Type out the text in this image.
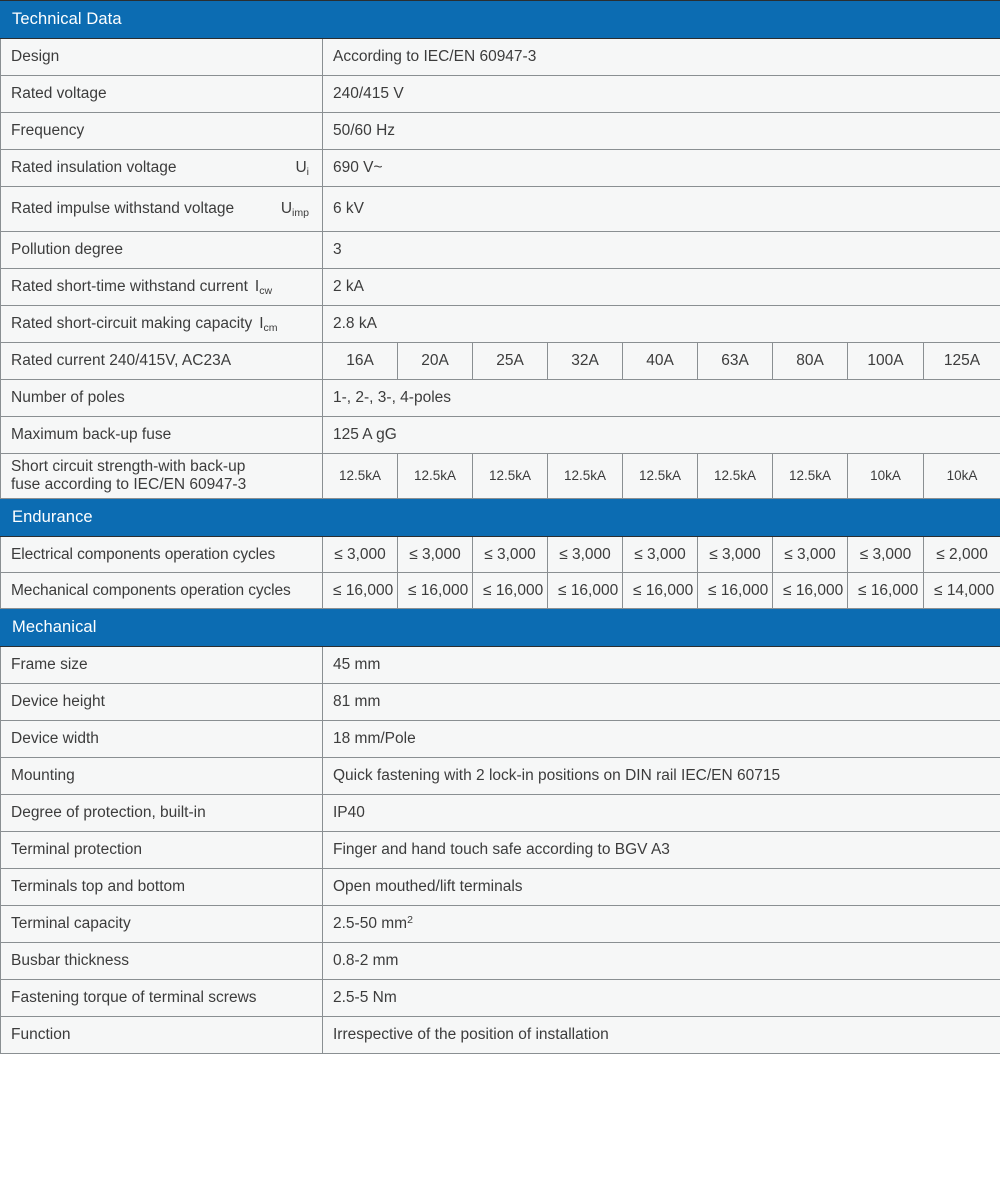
Technical Data									
Design	According to IEC/EN 60947-3								
Rated voltage	240/415 V								
Frequency	50/60 Hz								

Rated insulation voltage $U_i$	690 V~								

Rated impulse withstand voltage $U_{imp}$	6 kV								
Pollution degree	3								
Rated short-time withstand current $I_{cw}$	2 kA								
Rated short-circuit making capacity $I_{cm}$	2.8 kA								
Rated current 240/415V, AC23A	16A	20A	25A	32A	40A	63A	80A	100A	125A
Number of poles	1-, 2-, 3-, 4-poles								
Maximum back-up fuse	125 A gG								

Short circuit strength-with back-up
fuse according to IEC/EN 60947-3	12.5kA	12.5kA	12.5kA	12.5kA	12.5kA	12.5kA	12.5kA	10kA	10kA
Endurance									
Electrical components operation cycles	≤ 3,000	≤ 3,000	≤ 3,000	≤ 3,000	≤ 3,000	≤ 3,000	≤ 3,000	≤ 3,000	≤ 2,000
Mechanical components operation cycles	≤ 16,000	≤ 16,000	≤ 16,000	≤ 16,000	≤ 16,000	≤ 16,000	≤ 16,000	≤ 16,000	≤ 14,000
Mechanical									
Frame size	45 mm								
Device height	81 mm								
Device width	18 mm/Pole								
Mounting	Quick fastening with 2 lock-in positions on DIN rail IEC/EN 60715								
Degree of protection, built-in	IP40								
Terminal protection	Finger and hand touch safe according to BGV A3								
Terminals top and bottom	Open mouthed/lift terminals								
Terminal capacity	2.5-50 $mm^2$
Busbar thickness	0.8-2 mm								
Fastening torque of terminal screws	2.5-5 Nm								
Function	Irrespective of the position of installation								
